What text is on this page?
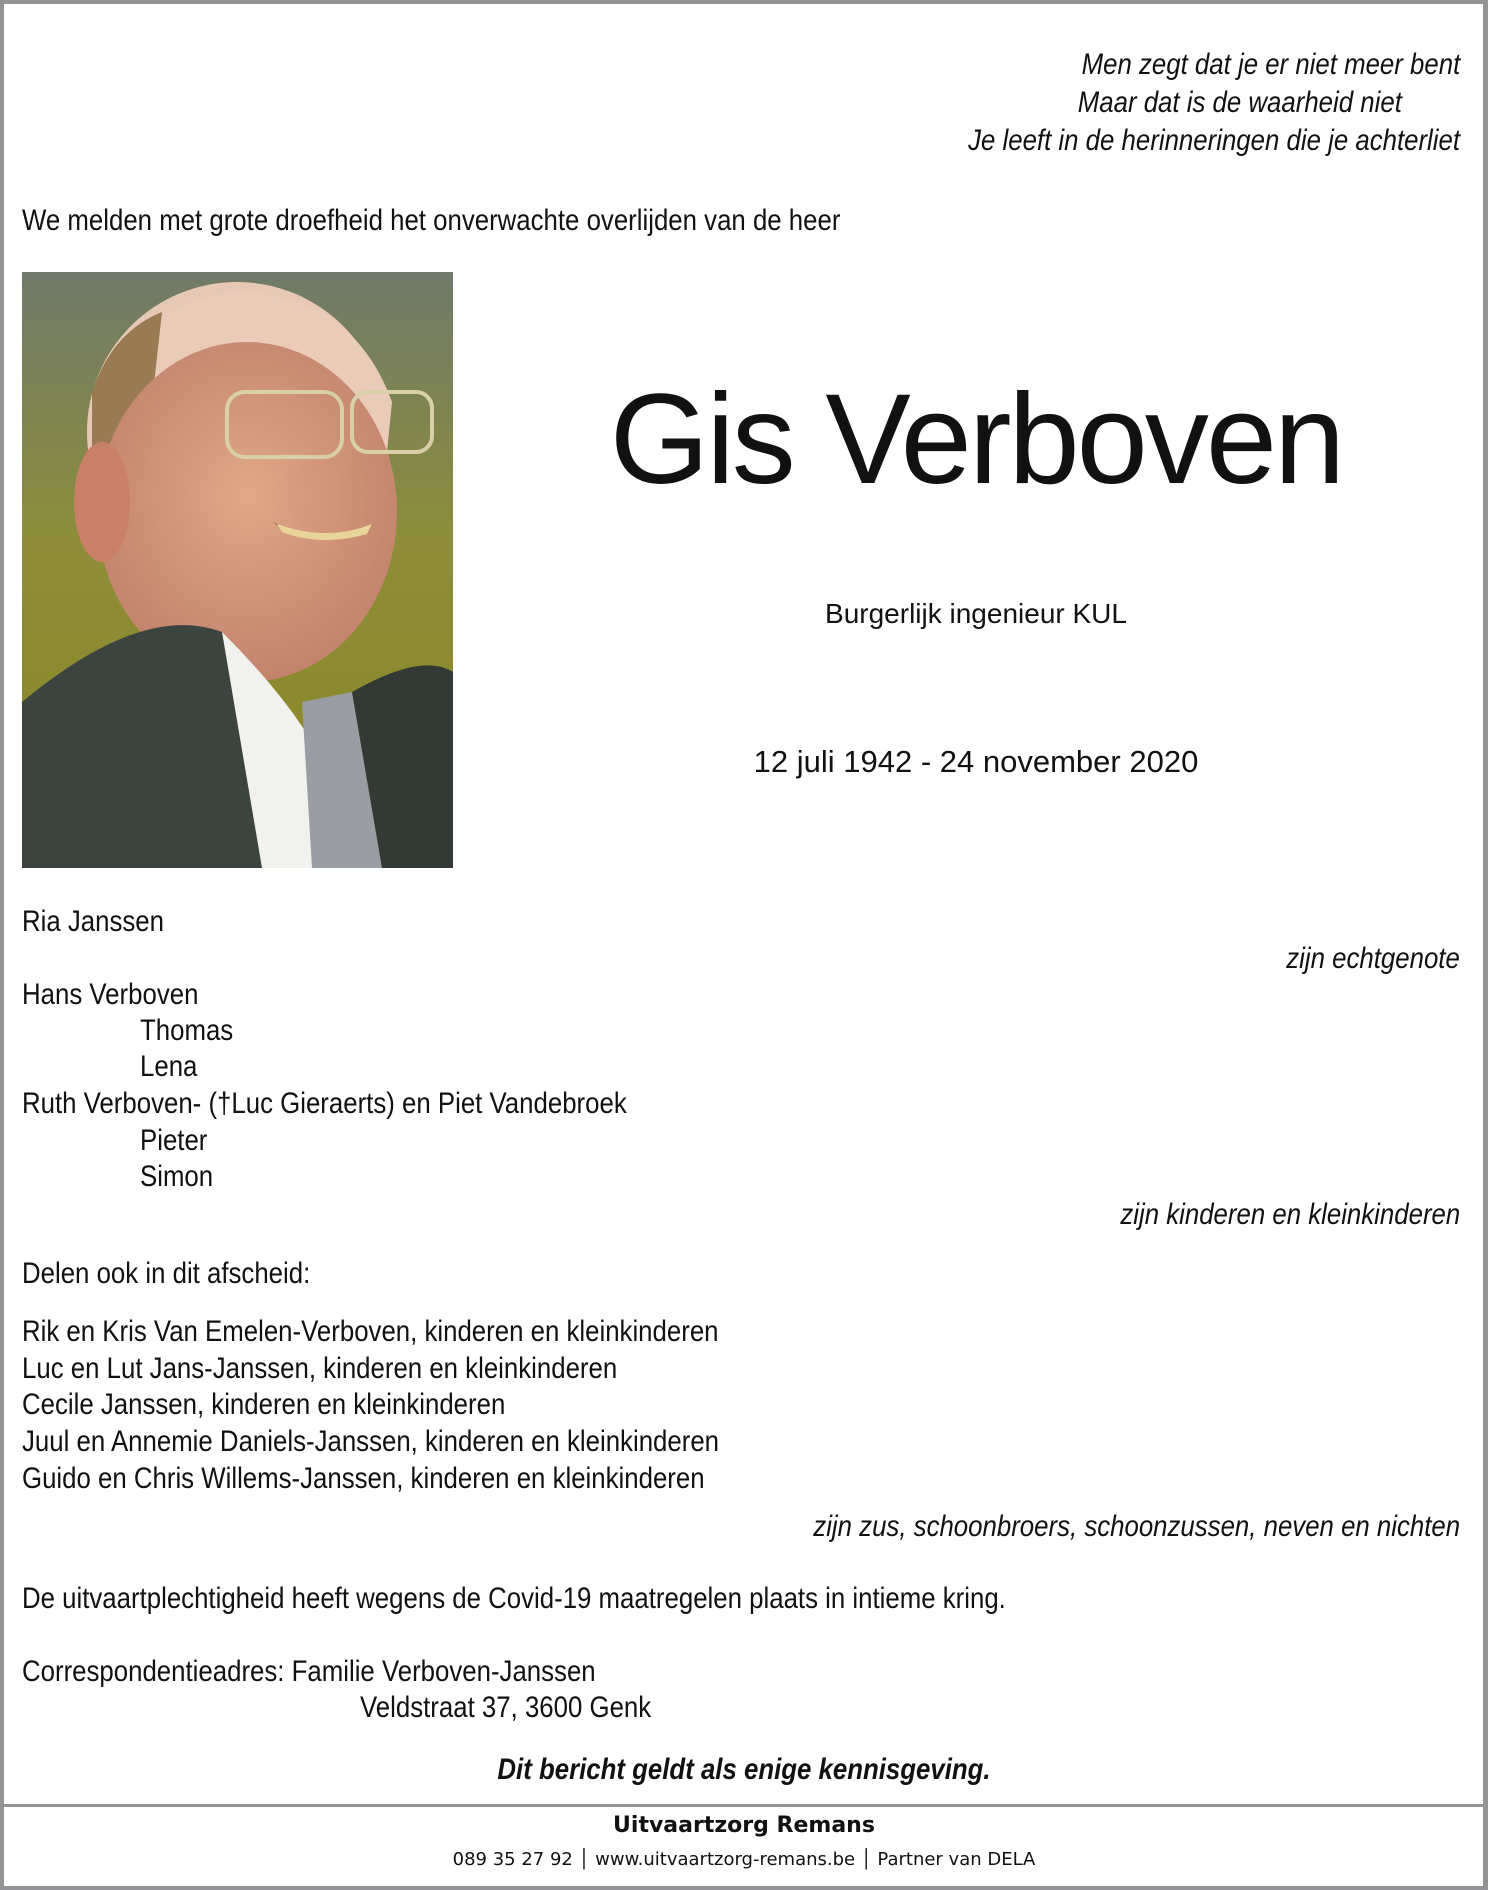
Men zegt dat je er niet meer bent
Maar dat is de waarheid niet
Je leeft in de herinneringen die je achterliet
We melden met grote droefheid het onverwachte overlijden van de heer
Gis Verboven
Burgerlijk ingenieur KUL
12 juli 1942 - 24 november 2020
Ria Janssen
zijn echtgenote
Hans Verboven
Thomas
Lena
Ruth Verboven- (†Luc Gieraerts) en Piet Vandebroek
Pieter
Simon
zijn kinderen en kleinkinderen
Delen ook in dit afscheid:
Rik en Kris Van Emelen-Verboven, kinderen en kleinkinderen
Luc en Lut Jans-Janssen, kinderen en kleinkinderen
Cecile Janssen, kinderen en kleinkinderen
Juul en Annemie Daniels-Janssen, kinderen en kleinkinderen
Guido en Chris Willems-Janssen, kinderen en kleinkinderen
zijn zus, schoonbroers, schoonzussen, neven en nichten
De uitvaartplechtigheid heeft wegens de Covid-19 maatregelen plaats in intieme kring.
Correspondentieadres: Familie Verboven-Janssen
Veldstraat 37, 3600 Genk
Dit bericht geldt als enige kennisgeving.
Uitvaartzorg Remans
089 35 27 92 │ www.uitvaartzorg-remans.be │ Partner van DELA
